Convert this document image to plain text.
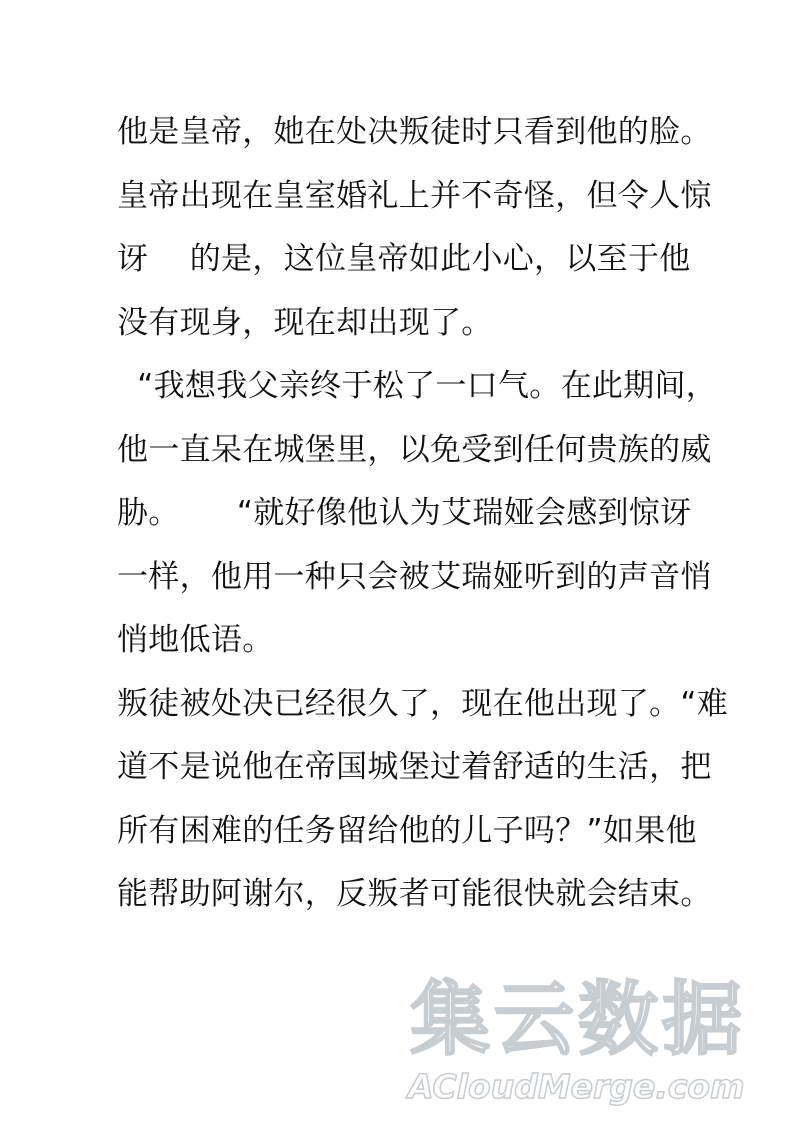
他是皇帝，她在处决叛徒时只看到他的脸。
皇帝出现在皇室婚礼上并不奇怪，但令人惊
讶　 的是，这位皇帝如此小心，以至于他
没有现身，现在却出现了。
“我想我父亲终于松了一口气。在此期间，
他一直呆在城堡里，以免受到任何贵族的威
胁。　　 “就好像他认为艾瑞娅会感到惊讶
一样，他用一种只会被艾瑞娅听到的声音悄
悄地低语。
叛徒被处决已经很久了，现在他出现了。“难
道不是说他在帝国城堡过着舒适的生活，把
所有困难的任务留给他的儿子吗？”如果他
能帮助阿谢尔，反叛者可能很快就会结束。
集云数据
ACloudMerge.com
